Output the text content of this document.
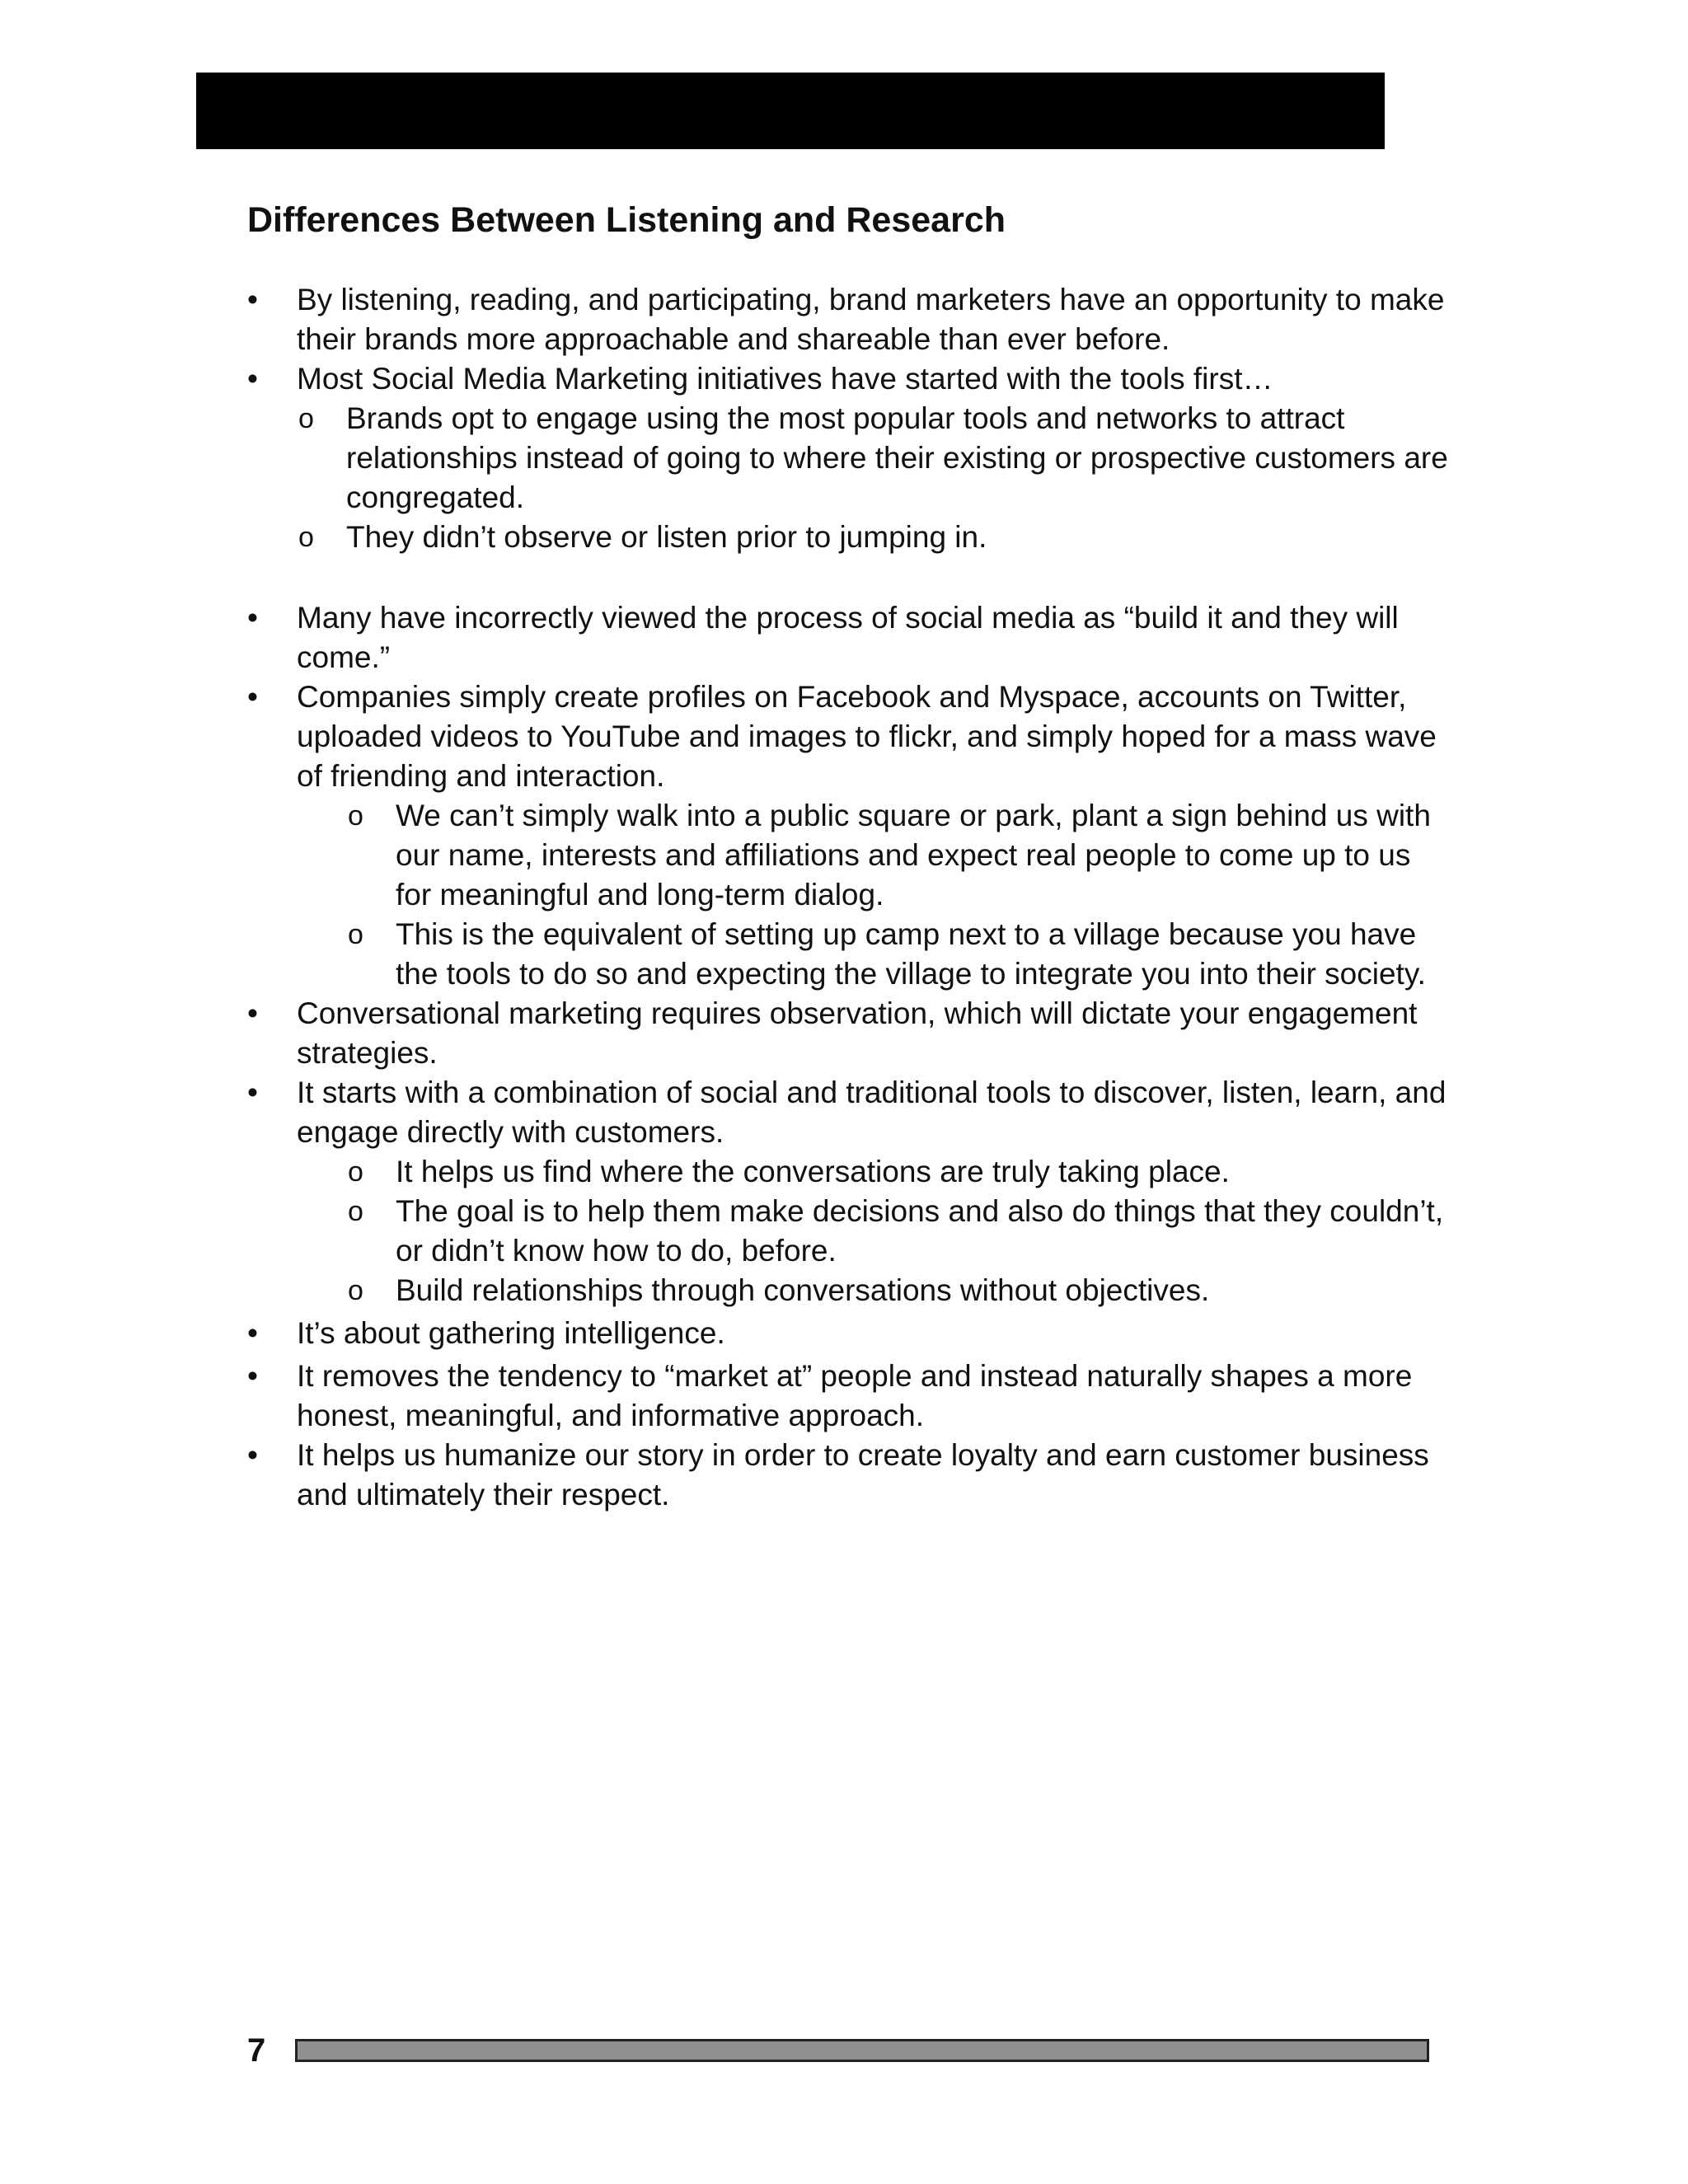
Differences Between Listening and Research
• By listening, reading, and participating, brand marketers have an opportunity to make their brands more approachable and shareable than ever before.
• Most Social Media Marketing initiatives have started with the tools first…
o Brands opt to engage using the most popular tools and networks to attract relationships instead of going to where their existing or prospective customers are congregated.
o They didn’t observe or listen prior to jumping in.
• Many have incorrectly viewed the process of social media as “build it and they will come.”
• Companies simply create profiles on Facebook and Myspace, accounts on Twitter, uploaded videos to YouTube and images to flickr, and simply hoped for a mass wave of friending and interaction.
o We can’t simply walk into a public square or park, plant a sign behind us with our name, interests and affiliations and expect real people to come up to us for meaningful and long-term dialog.
o This is the equivalent of setting up camp next to a village because you have the tools to do so and expecting the village to integrate you into their society.
• Conversational marketing requires observation, which will dictate your engagement strategies.
• It starts with a combination of social and traditional tools to discover, listen, learn, and engage directly with customers.
o It helps us find where the conversations are truly taking place.
o The goal is to help them make decisions and also do things that they couldn’t, or didn’t know how to do, before.
o Build relationships through conversations without objectives.
• It’s about gathering intelligence.
• It removes the tendency to “market at” people and instead naturally shapes a more honest, meaningful, and informative approach.
• It helps us humanize our story in order to create loyalty and earn customer business and ultimately their respect.
7
